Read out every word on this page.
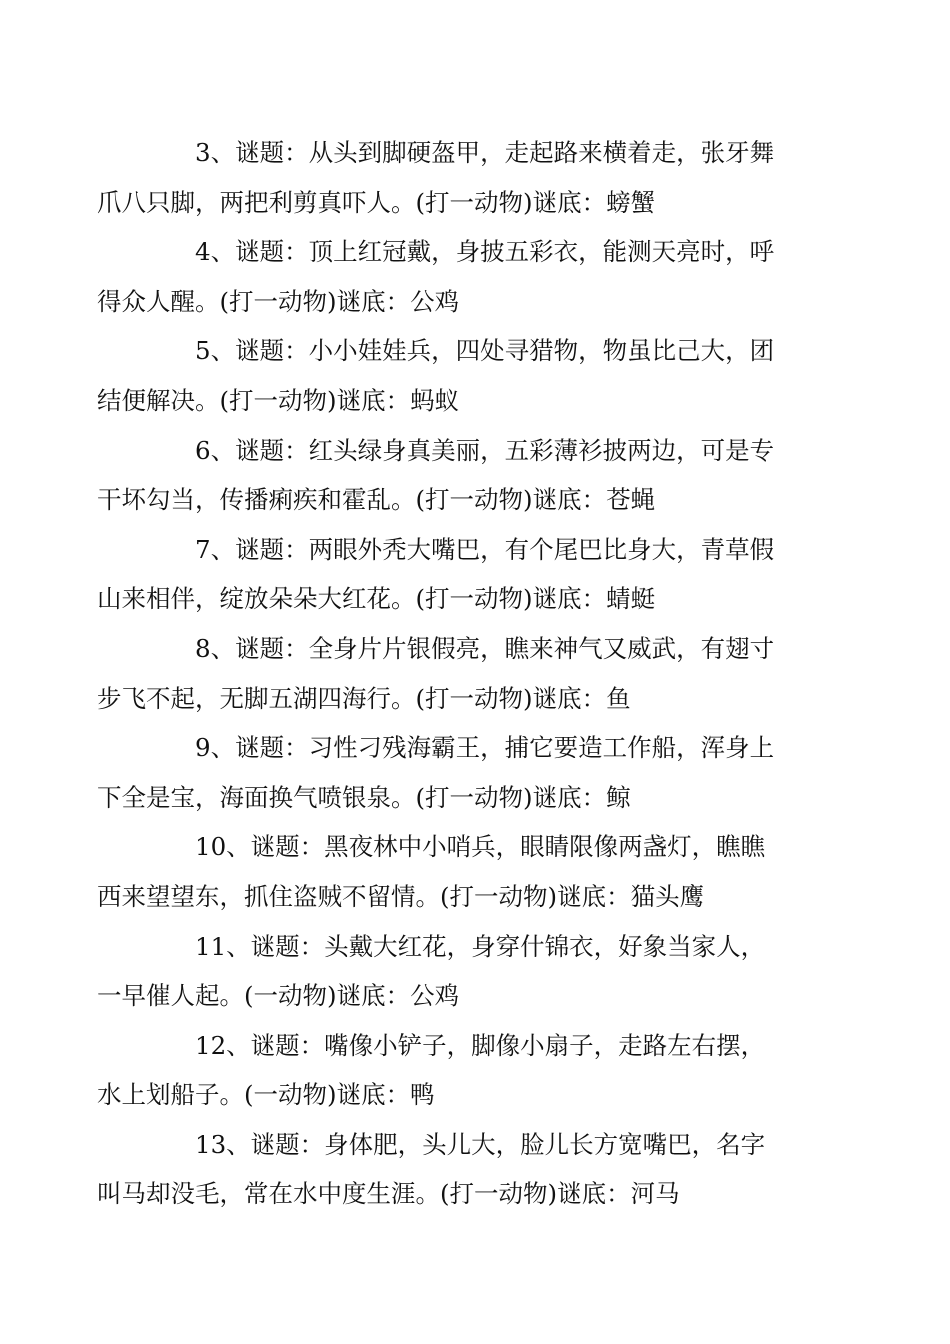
3、谜题：从头到脚硬盔甲，走起路来横着走，张牙舞
爪八只脚，两把利剪真吓人。(打一动物)谜底：螃蟹

4、谜题：顶上红冠戴，身披五彩衣，能测天亮时，呼
得众人醒。(打一动物)谜底：公鸡

5、谜题：小小娃娃兵，四处寻猎物，物虽比己大，团
结便解决。(打一动物)谜底：蚂蚁

6、谜题：红头绿身真美丽，五彩薄衫披两边，可是专
干坏勾当，传播痢疾和霍乱。(打一动物)谜底：苍蝇

7、谜题：两眼外秃大嘴巴，有个尾巴比身大，青草假
山来相伴，绽放朵朵大红花。(打一动物)谜底：蜻蜓

8、谜题：全身片片银假亮，瞧来神气又威武，有翅寸
步飞不起，无脚五湖四海行。(打一动物)谜底：鱼

9、谜题：习性刁残海霸王，捕它要造工作船，浑身上
下全是宝，海面换气喷银泉。(打一动物)谜底：鲸

10、谜题：黑夜林中小哨兵，眼睛限像两盏灯，瞧瞧
西来望望东，抓住盗贼不留情。(打一动物)谜底：猫头鹰

11、谜题：头戴大红花，身穿什锦衣，好象当家人，
一早催人起。(一动物)谜底：公鸡

12、谜题：嘴像小铲子，脚像小扇子，走路左右摆，
水上划船子。(一动物)谜底：鸭

13、谜题：身体肥，头儿大，脸儿长方宽嘴巴，名字
叫马却没毛，常在水中度生涯。(打一动物)谜底：河马
